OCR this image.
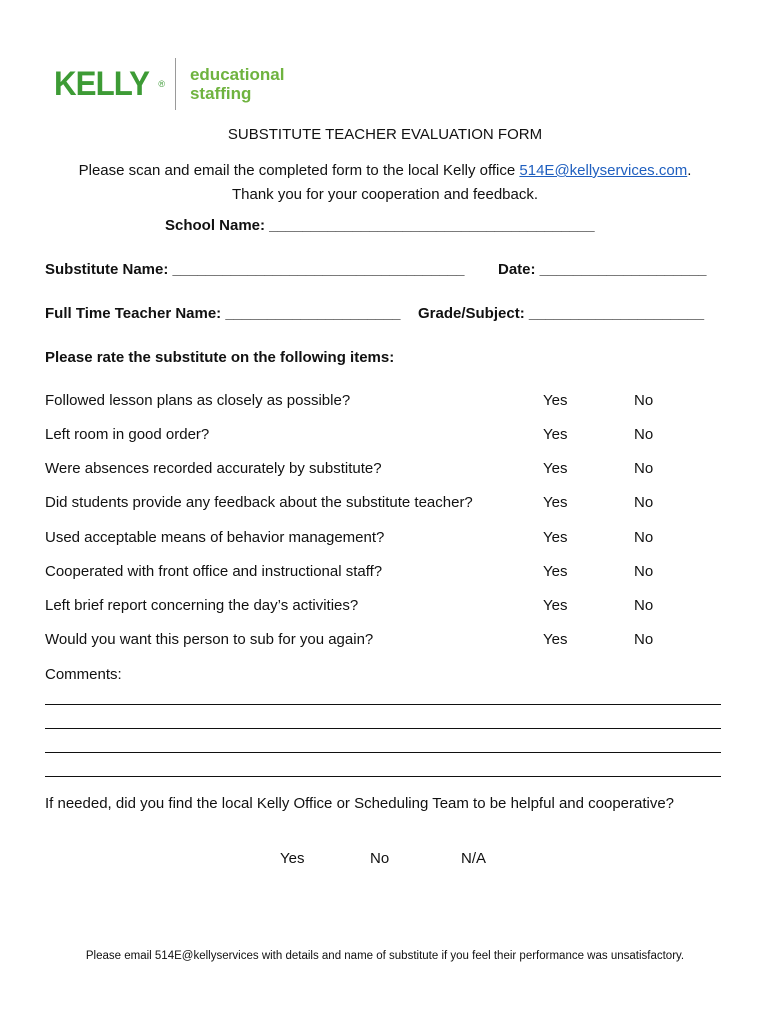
KELLY ® educational
staffing
SUBSTITUTE TEACHER EVALUATION FORM
Please scan and email the completed form to the local Kelly office 514E@kellyservices.com.
Thank you for your cooperation and feedback.
School Name: _______________________________________
Substitute Name: ___________________________________ Date: ____________________
Full Time Teacher Name: _____________________ Grade/Subject: _____________________
Please rate the substitute on the following items:
Followed lesson plans as closely as possible?	Yes	No
Left room in good order?	Yes	No
Were absences recorded accurately by substitute?	Yes	No
Did students provide any feedback about the substitute teacher?	Yes	No
Used acceptable means of behavior management?	Yes	No
Cooperated with front office and instructional staff?	Yes	No
Left brief report concerning the day’s activities?	Yes	No
Would you want this person to sub for you again?	Yes	No
Comments:
If needed, did you find the local Kelly Office or Scheduling Team to be helpful and cooperative?
Yes	No	N/A
Please email 514E@kellyservices with details and name of substitute if you feel their performance was unsatisfactory.
